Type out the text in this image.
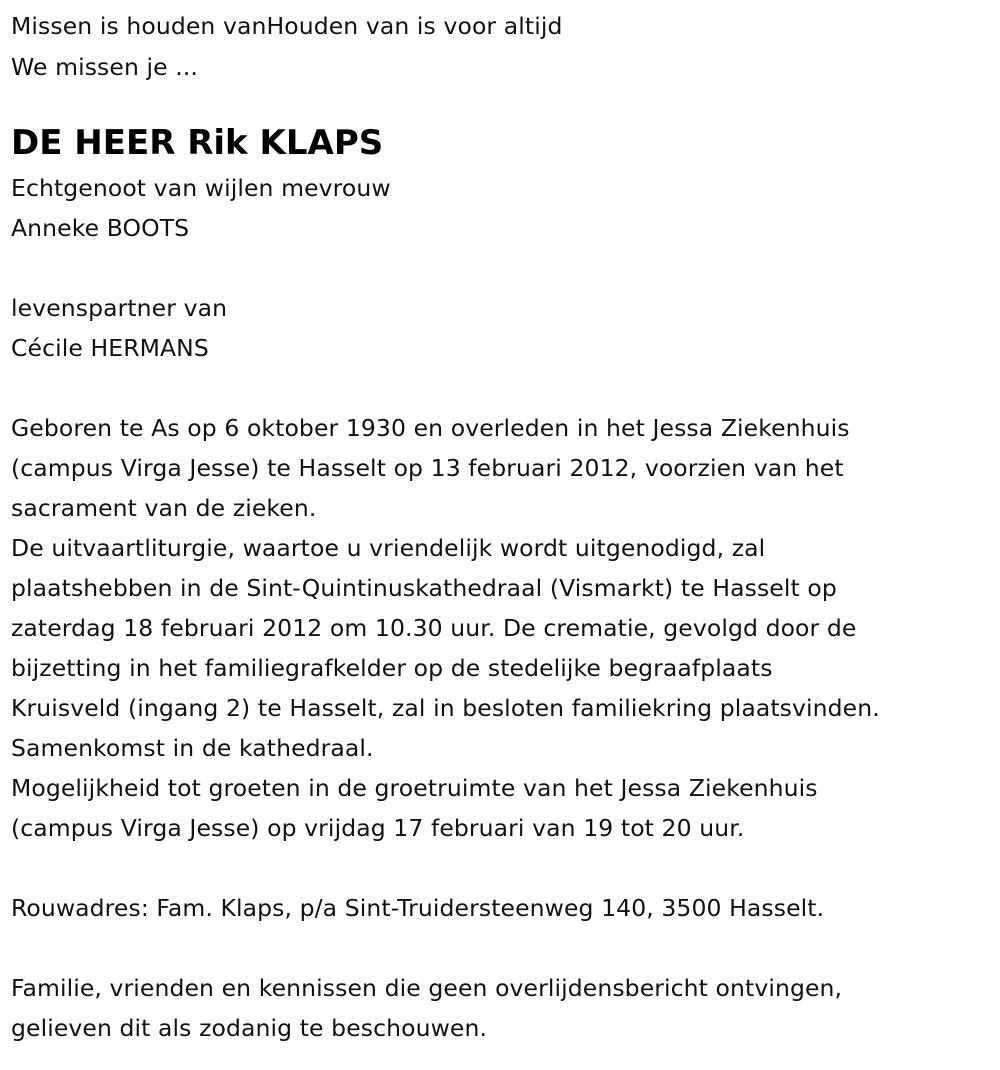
Missen is houden vanHouden van is voor altijd
We missen je ...
DE HEER Rik KLAPS
Echtgenoot van wijlen mevrouw
Anneke BOOTS
levenspartner van
Cécile HERMANS
Geboren te As op 6 oktober 1930 en overleden in het Jessa Ziekenhuis
(campus Virga Jesse) te Hasselt op 13 februari 2012, voorzien van het
sacrament van de zieken.
De uitvaartliturgie, waartoe u vriendelijk wordt uitgenodigd, zal
plaatshebben in de Sint-Quintinuskathedraal (Vismarkt) te Hasselt op
zaterdag 18 februari 2012 om 10.30 uur. De crematie, gevolgd door de
bijzetting in het familiegrafkelder op de stedelijke begraafplaats
Kruisveld (ingang 2) te Hasselt, zal in besloten familiekring plaatsvinden.
Samenkomst in de kathedraal.
Mogelijkheid tot groeten in de groetruimte van het Jessa Ziekenhuis
(campus Virga Jesse) op vrijdag 17 februari van 19 tot 20 uur.
Rouwadres: Fam. Klaps, p/a Sint-Truidersteenweg 140, 3500 Hasselt.
Familie, vrienden en kennissen die geen overlijdensbericht ontvingen,
gelieven dit als zodanig te beschouwen.
